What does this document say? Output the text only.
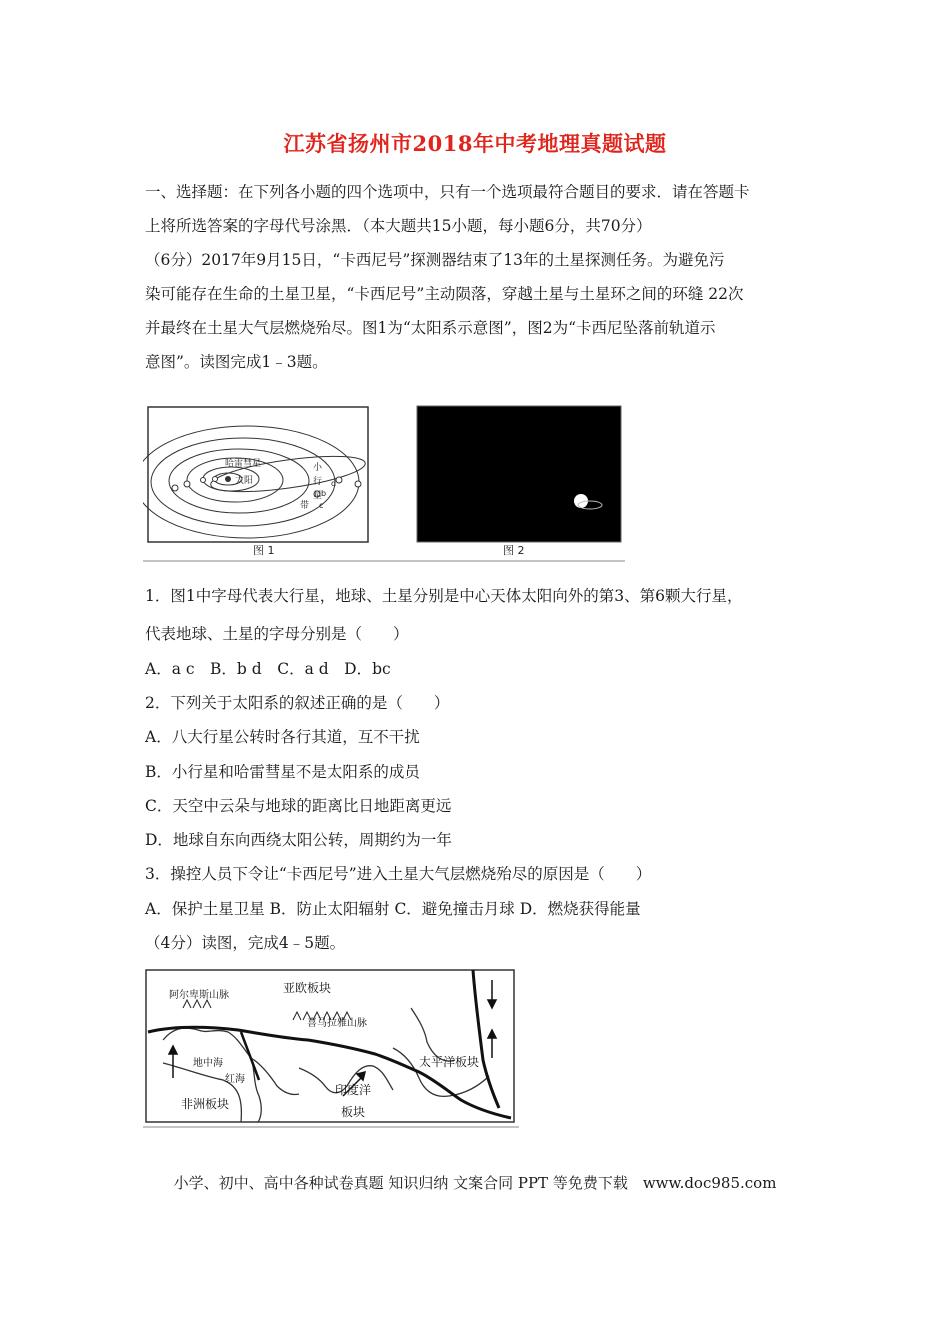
江苏省扬州市2018年中考地理真题试题
一、选择题：在下列各小题的四个选项中，只有一个选项最符合题目的要求．请在答题卡
上将所选答案的字母代号涂黑．（本大题共15小题，每小题6分，共70分）
（6分）2017年9月15日，“卡西尼号”探测器结束了13年的土星探测任务。为避免污
染可能存在生命的土星卫星，“卡西尼号”主动陨落，穿越土星与土星环之间的环缝 22次
并最终在土星大气层燃烧殆尽。图1为“太阳系示意图”，图2为“卡西尼坠落前轨道示
意图”。读图完成1﹣3题。
哈雷彗星
太阳
小
行
星
带
b
c
d
图 1	图 2
1．图1中字母代表大行星，地球、土星分别是中心天体太阳向外的第3、第6颗大行星，
代表地球、土星的字母分别是（　　）
A．a c　B．b d　C．a d　D．bc
2．下列关于太阳系的叙述正确的是（　　）
A．八大行星公转时各行其道，互不干扰
B．小行星和哈雷彗星不是太阳系的成员
C．天空中云朵与地球的距离比日地距离更远
D．地球自东向西绕太阳公转，周期约为一年
3．操控人员下令让“卡西尼号”进入土星大气层燃烧殆尽的原因是（　　）
A．保护土星卫星 B．防止太阳辐射 C．避免撞击月球 D．燃烧获得能量
（4分）读图，完成4﹣5题。
阿尔卑斯山脉
亚欧板块
喜马拉雅山脉
地中海
红海
太平洋板块
非洲板块
印度洋
板块
小学、初中、高中各种试卷真题 知识归纳 文案合同 PPT 等免费下载　www.doc985.com
